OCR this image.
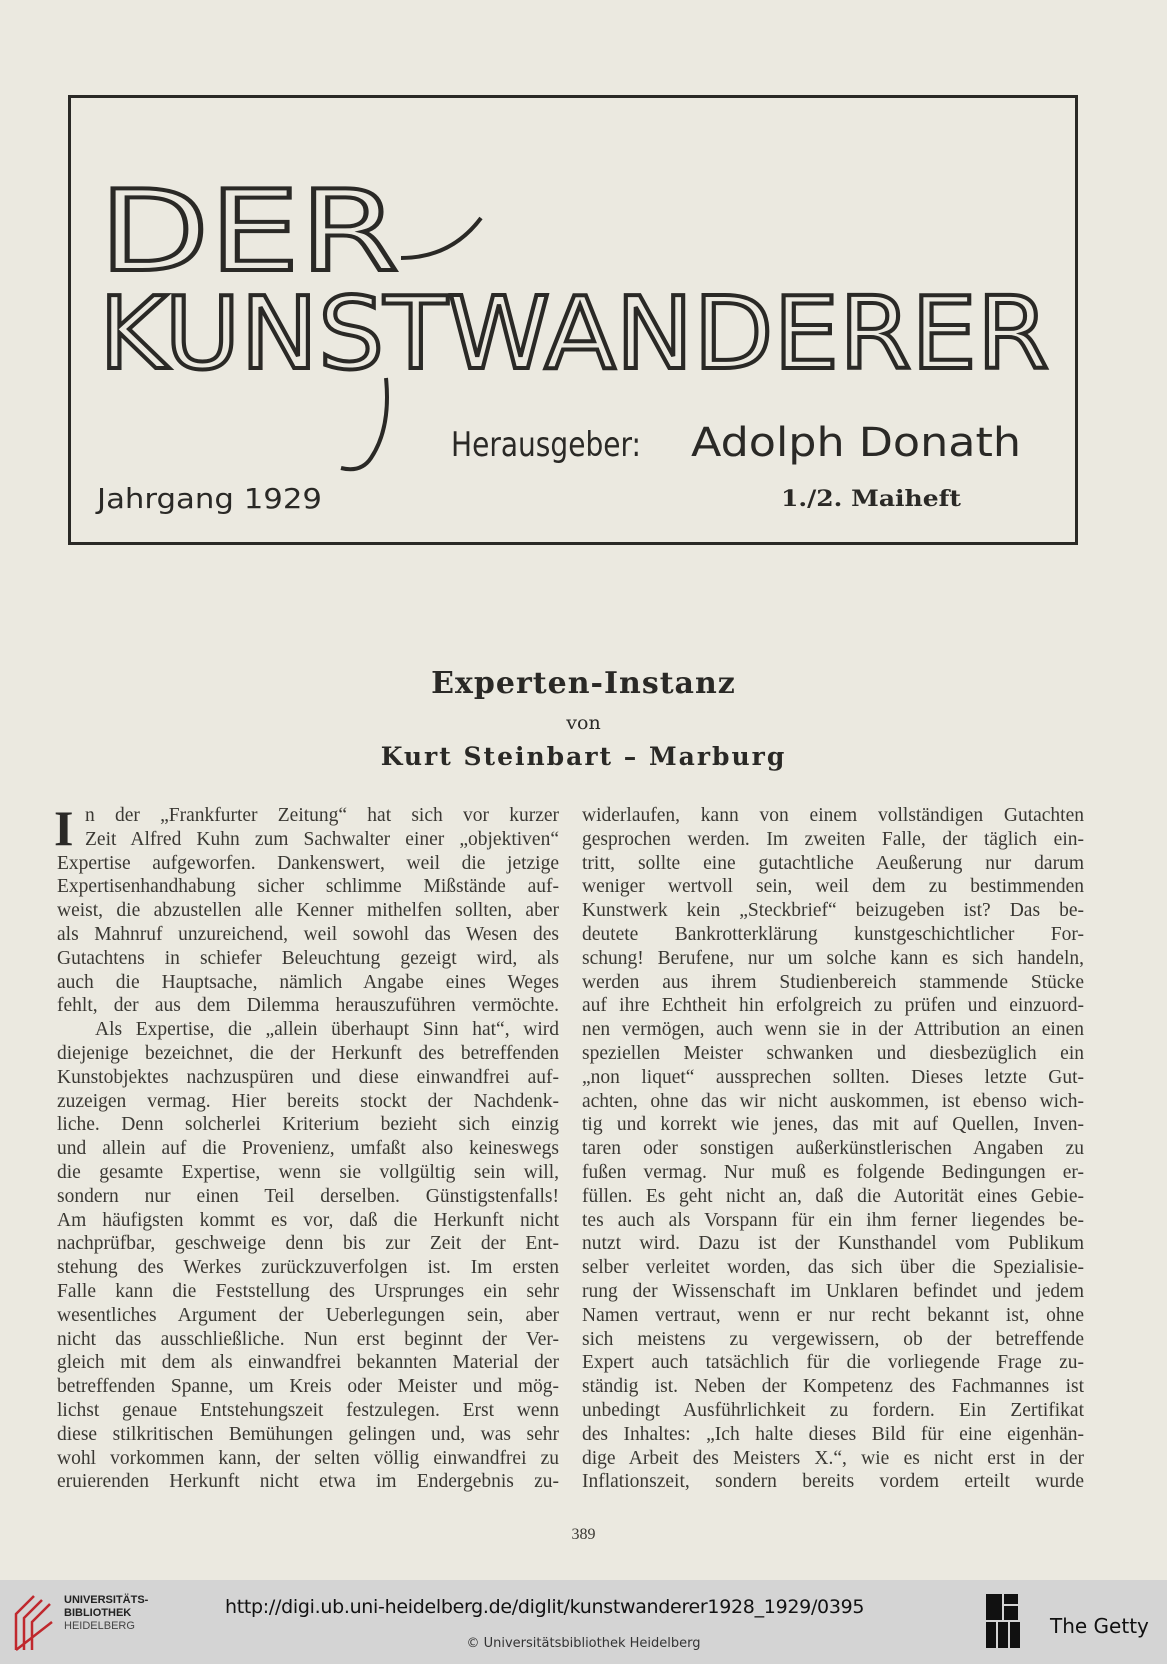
DER
KUNSTWANDERER
Herausgeber: Adolph Donath
Jahrgang 1929	1./2. Maiheft
Experten-Instanz
von
Kurt Steinbart – Marburg
I n der „Frankfurter Zeitung“ hat sich vor kurzer
Zeit Alfred Kuhn zum Sachwalter einer „objektiven“
Expertise aufgeworfen. Dankenswert, weil die jetzige
Expertisenhandhabung sicher schlimme Mißstände auf-
weist, die abzustellen alle Kenner mithelfen sollten, aber
als Mahnruf unzureichend, weil sowohl das Wesen des
Gutachtens in schiefer Beleuchtung gezeigt wird, als
auch die Hauptsache, nämlich Angabe eines Weges
fehlt, der aus dem Dilemma herauszuführen vermöchte.
Als Expertise, die „allein überhaupt Sinn hat“, wird
diejenige bezeichnet, die der Herkunft des betreffenden
Kunstobjektes nachzuspüren und diese einwandfrei auf-
zuzeigen vermag. Hier bereits stockt der Nachdenk-
liche. Denn solcherlei Kriterium bezieht sich einzig
und allein auf die Provenienz, umfaßt also keineswegs
die gesamte Expertise, wenn sie vollgültig sein will,
sondern nur einen Teil derselben. Günstigstenfalls!
Am häufigsten kommt es vor, daß die Herkunft nicht
nachprüfbar, geschweige denn bis zur Zeit der Ent-
stehung des Werkes zurückzuverfolgen ist. Im ersten
Falle kann die Feststellung des Ursprunges ein sehr
wesentliches Argument der Ueberlegungen sein, aber
nicht das ausschließliche. Nun erst beginnt der Ver-
gleich mit dem als einwandfrei bekannten Material der
betreffenden Spanne, um Kreis oder Meister und mög-
lichst genaue Entstehungszeit festzulegen. Erst wenn
diese stilkritischen Bemühungen gelingen und, was sehr
wohl vorkommen kann, der selten völlig einwandfrei zu
eruierenden Herkunft nicht etwa im Endergebnis zu-
widerlaufen, kann von einem vollständigen Gutachten
gesprochen werden. Im zweiten Falle, der täglich ein-
tritt, sollte eine gutachtliche Aeußerung nur darum
weniger wertvoll sein, weil dem zu bestimmenden
Kunstwerk kein „Steckbrief“ beizugeben ist? Das be-
deutete Bankrotterklärung kunstgeschichtlicher For-
schung! Berufene, nur um solche kann es sich handeln,
werden aus ihrem Studienbereich stammende Stücke
auf ihre Echtheit hin erfolgreich zu prüfen und einzuord-
nen vermögen, auch wenn sie in der Attribution an einen
speziellen Meister schwanken und diesbezüglich ein
„non liquet“ aussprechen sollten. Dieses letzte Gut-
achten, ohne das wir nicht auskommen, ist ebenso wich-
tig und korrekt wie jenes, das mit auf Quellen, Inven-
taren oder sonstigen außerkünstlerischen Angaben zu
fußen vermag. Nur muß es folgende Bedingungen er-
füllen. Es geht nicht an, daß die Autorität eines Gebie-
tes auch als Vorspann für ein ihm ferner liegendes be-
nutzt wird. Dazu ist der Kunsthandel vom Publikum
selber verleitet worden, das sich über die Spezialisie-
rung der Wissenschaft im Unklaren befindet und jedem
Namen vertraut, wenn er nur recht bekannt ist, ohne
sich meistens zu vergewissern, ob der betreffende
Expert auch tatsächlich für die vorliegende Frage zu-
ständig ist. Neben der Kompetenz des Fachmannes ist
unbedingt Ausführlichkeit zu fordern. Ein Zertifikat
des Inhaltes: „Ich halte dieses Bild für eine eigenhän-
dige Arbeit des Meisters X.“, wie es nicht erst in der
Inflationszeit, sondern bereits vordem erteilt wurde
389
UNIVERSITÄTS-
BIBLIOTHEK
HEIDELBERG
http://digi.ub.uni-heidelberg.de/diglit/kunstwanderer1928_1929/0395
© Universitätsbibliothek Heidelberg
The Getty
